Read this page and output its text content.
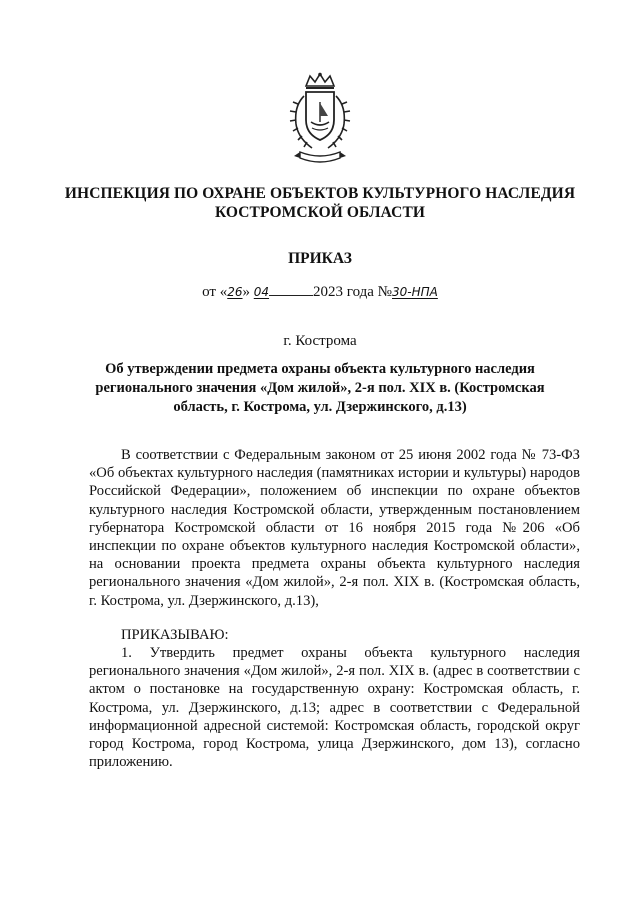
ИНСПЕКЦИЯ ПО ОХРАНЕ ОБЪЕКТОВ КУЛЬТУРНОГО НАСЛЕДИЯ КОСТРОМСКОЙ ОБЛАСТИ
ПРИКАЗ
от «26» 04	2023 года №30-НПА
г. Кострома
Об утверждении предмета охраны объекта культурного наследия регионального значения «Дом жилой», 2-я пол. XIX в. (Костромская область, г. Кострома, ул. Дзержинского, д.13)

В соответствии с Федеральным законом от 25 июня 2002 года № 73-ФЗ «Об объектах культурного наследия (памятниках истории и культуры) народов Российской Федерации», положением об инспекции по охране объектов культурного наследия Костромской области, утвержденным постановлением губернатора Костромской области от 16 ноября 2015 года №206 «Об инспекции по охране объектов культурного наследия Костромской области», на основании проекта предмета охраны объекта культурного наследия регионального значения «Дом жилой», 2-я пол. XIX в. (Костромская область, г. Кострома, ул. Дзержинского, д.13),

ПРИКАЗЫВАЮ:

1. Утвердить предмет охраны объекта культурного наследия регионального значения «Дом жилой», 2-я пол. XIX в. (адрес в соответствии с актом о постановке на государственную охрану: Костромская область, г. Кострома, ул. Дзержинского, д.13; адрес в соответствии с Федеральной информационной адресной системой: Костромская область, городской округ город Кострома, город Кострома, улица Дзержинского, дом 13), согласно приложению.
